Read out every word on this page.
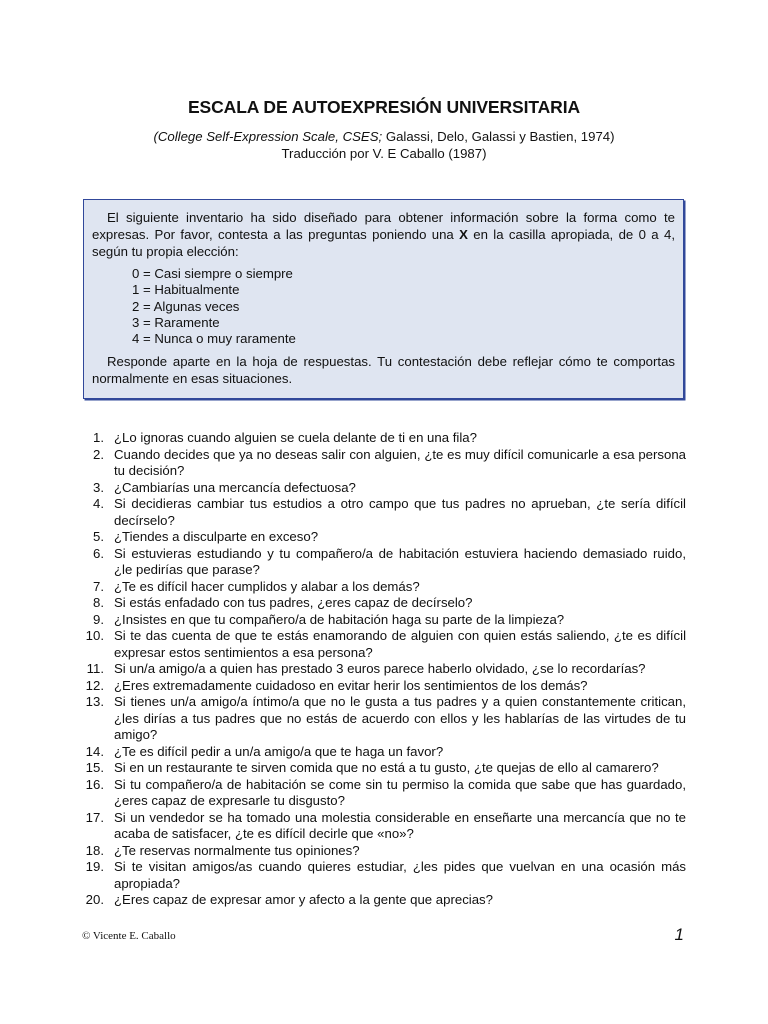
ESCALA DE AUTOEXPRESIÓN UNIVERSITARIA
(College Self-Expression Scale, CSES; Galassi, Delo, Galassi y Bastien, 1974)
Traducción por V. E Caballo (1987)

El siguiente inventario ha sido diseñado para obtener información sobre la forma como te expresas. Por favor, contesta a las preguntas poniendo una X en la casilla apropiada, de 0 a 4, según tu propia elección:

0 = Casi siempre o siempre
1 = Habitualmente
2 = Algunas veces
3 = Raramente
4 = Nunca o muy raramente

Responde aparte en la hoja de respuestas. Tu contestación debe reflejar cómo te comportas normalmente en esas situaciones.

1. ¿Lo ignoras cuando alguien se cuela delante de ti en una fila?
2. Cuando decides que ya no deseas salir con alguien, ¿te es muy difícil comunicarle a esa persona tu decisión?
3. ¿Cambiarías una mercancía defectuosa?
4. Si decidieras cambiar tus estudios a otro campo que tus padres no aprueban, ¿te sería difícil decírselo?
5. ¿Tiendes a disculparte en exceso?
6. Si estuvieras estudiando y tu compañero/a de habitación estuviera haciendo demasiado ruido, ¿le pedirías que parase?
7. ¿Te es difícil hacer cumplidos y alabar a los demás?
8. Si estás enfadado con tus padres, ¿eres capaz de decírselo?
9. ¿Insistes en que tu compañero/a de habitación haga su parte de la limpieza?
10. Si te das cuenta de que te estás enamorando de alguien con quien estás saliendo, ¿te es difícil expresar estos sentimientos a esa persona?
11. Si un/a amigo/a a quien has prestado 3 euros parece haberlo olvidado, ¿se lo recordarías?
12. ¿Eres extremadamente cuidadoso en evitar herir los sentimientos de los demás?
13. Si tienes un/a amigo/a íntimo/a que no le gusta a tus padres y a quien constantemente critican, ¿les dirías a tus padres que no estás de acuerdo con ellos y les hablarías de las virtudes de tu amigo?
14. ¿Te es difícil pedir a un/a amigo/a que te haga un favor?
15. Si en un restaurante te sirven comida que no está a tu gusto, ¿te quejas de ello al camarero?
16. Si tu compañero/a de habitación se come sin tu permiso la comida que sabe que has guardado, ¿eres capaz de expresarle tu disgusto?
17. Si un vendedor se ha tomado una molestia considerable en enseñarte una mercancía que no te acaba de satisfacer, ¿te es difícil decirle que «no»?
18. ¿Te reservas normalmente tus opiniones?
19. Si te visitan amigos/as cuando quieres estudiar, ¿les pides que vuelvan en una ocasión más apropiada?
20. ¿Eres capaz de expresar amor y afecto a la gente que aprecias?
© Vicente E. Caballo	1
